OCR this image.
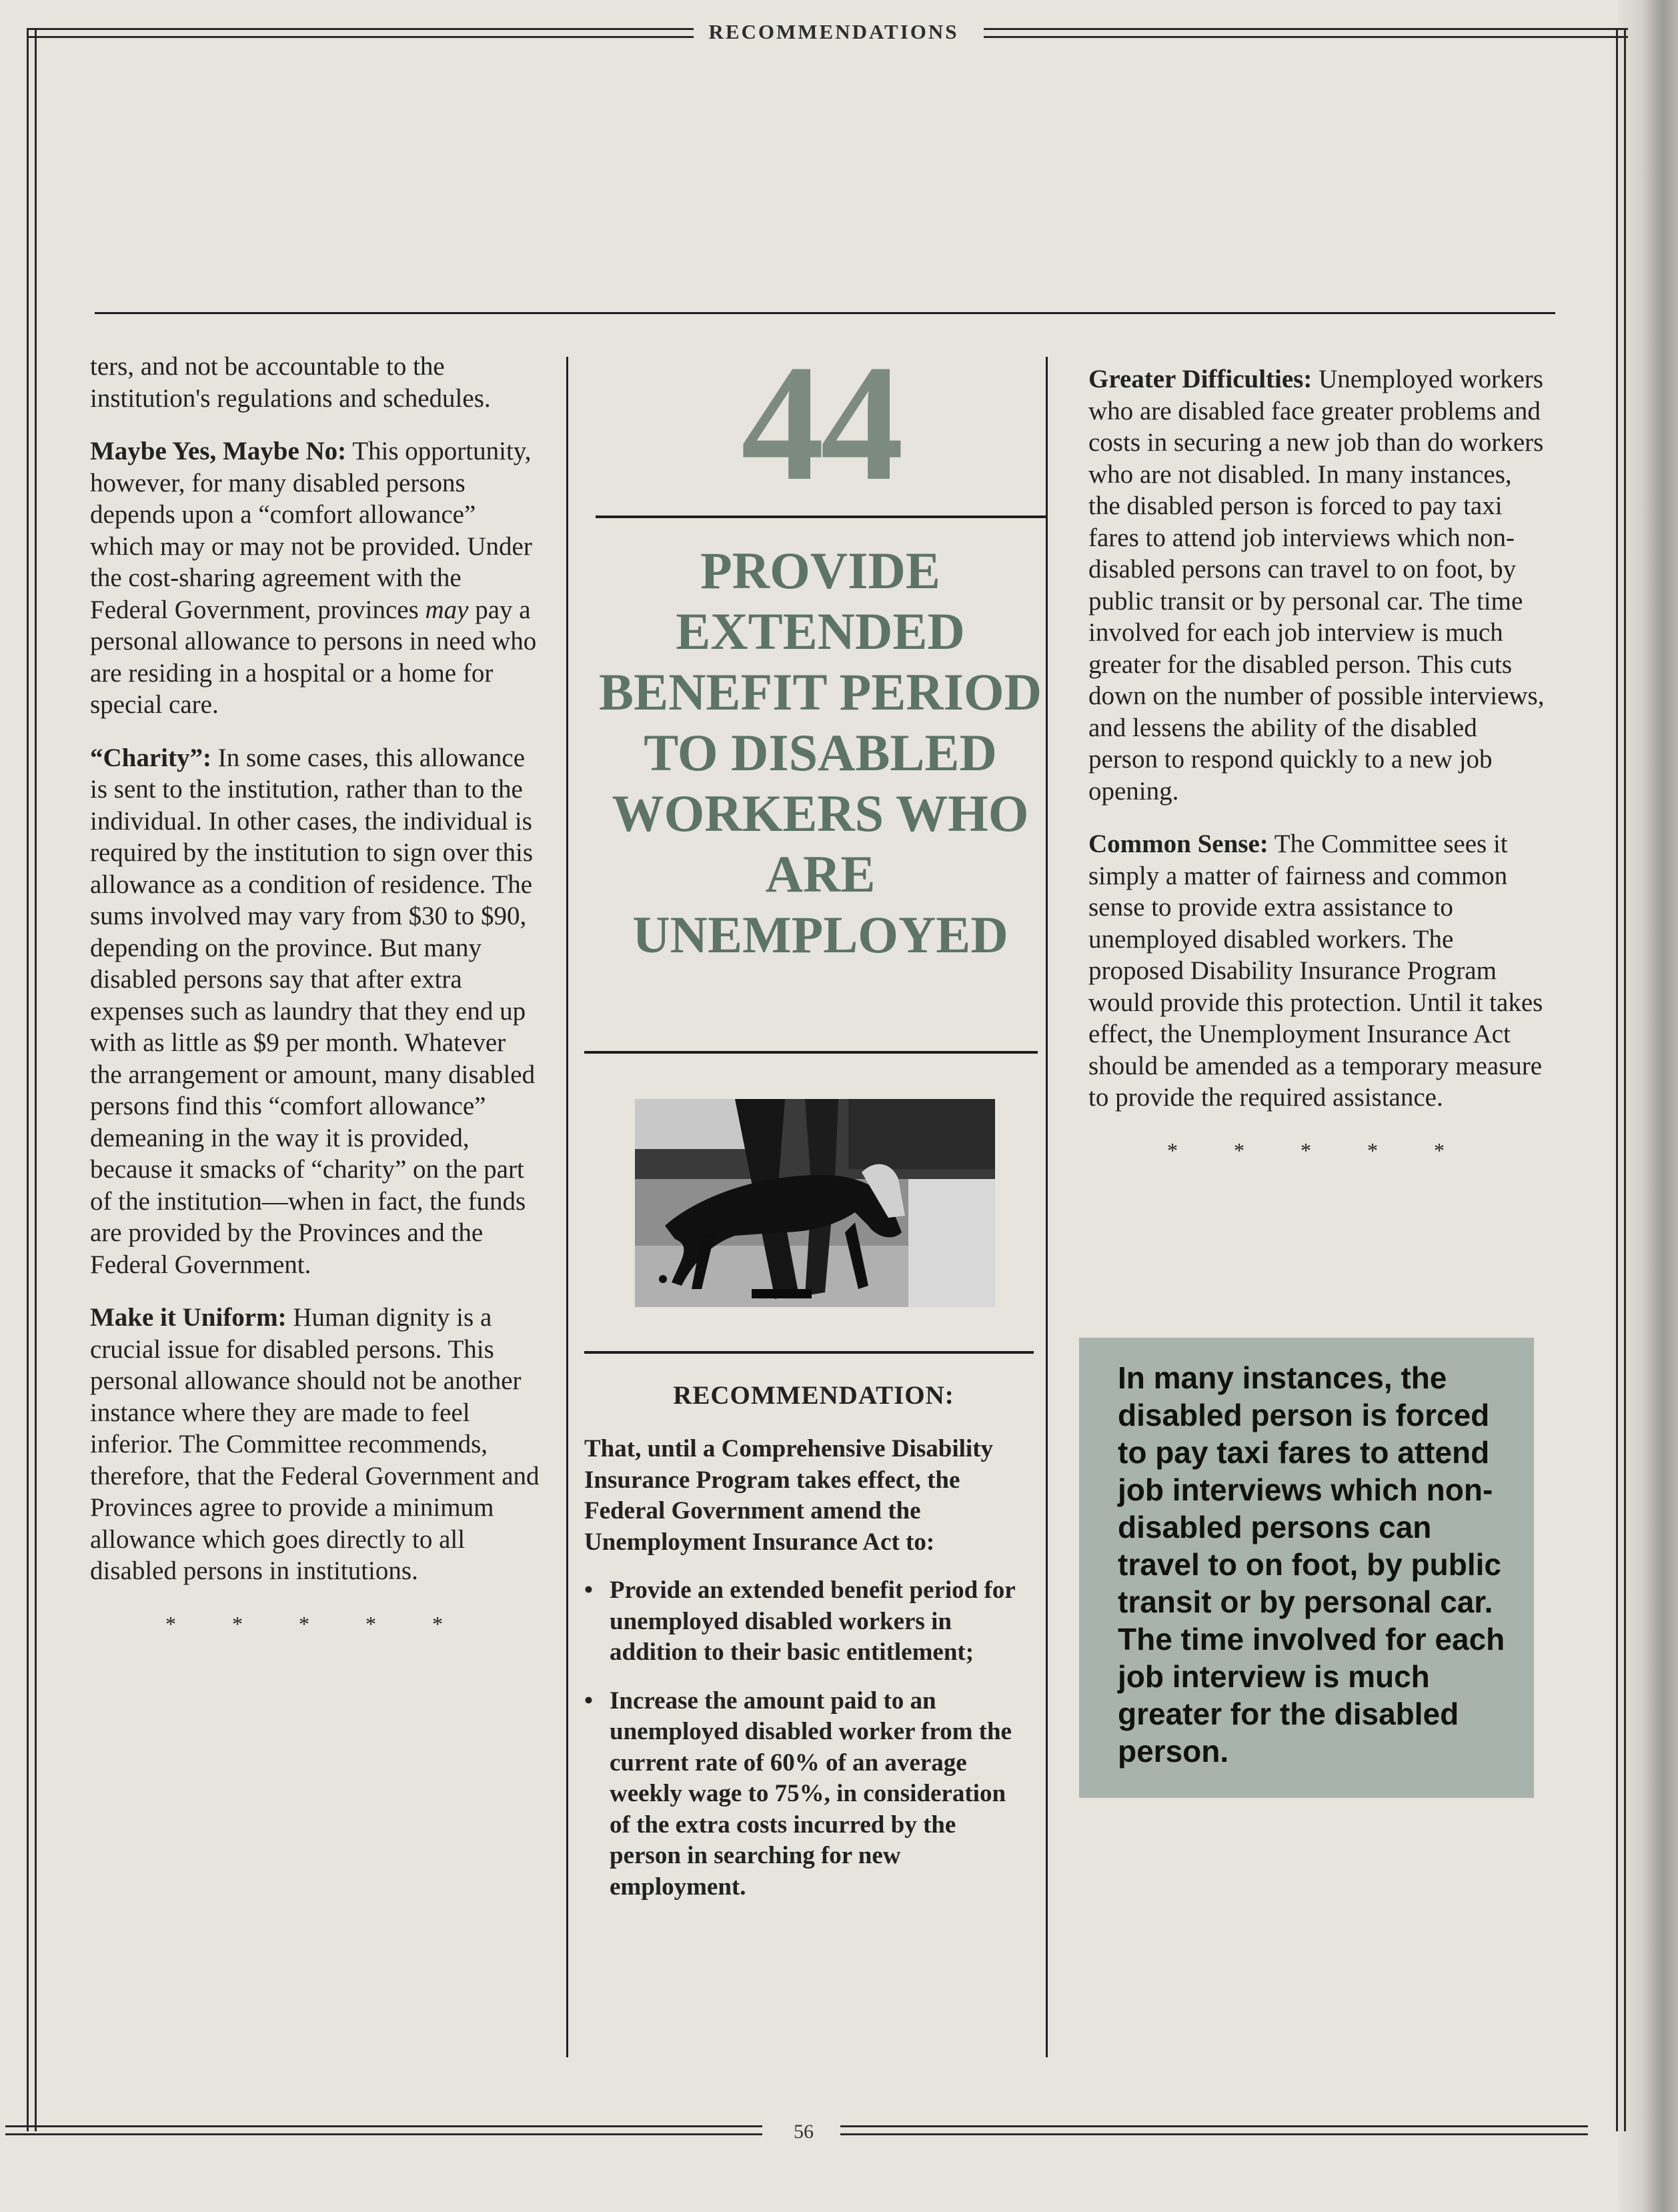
RECOMMENDATIONS
56

ters, and not be accountable to the institution's regulations and schedules.

Maybe Yes, Maybe No: This opportunity, however, for many disabled persons depends upon a “comfort allowance” which may or may not be provided. Under the cost-sharing agreement with the Federal Government, provinces may pay a personal allowance to persons in need who are residing in a hospital or a home for special care.

“Charity”: In some cases, this allowance is sent to the institution, rather than to the individual. In other cases, the individual is required by the institution to sign over this allowance as a condition of residence. The sums involved may vary from $30 to $90, depending on the province. But many disabled persons say that after extra expenses such as laundry that they end up with as little as $9 per month. Whatever the arrangement or amount, many disabled persons find this “comfort allowance” demeaning in the way it is provided, because it smacks of “charity” on the part of the institution—when in fact, the funds are provided by the Provinces and the Federal Government.

Make it Uniform: Human dignity is a crucial issue for disabled persons. This personal allowance should not be another instance where they are made to feel inferior. The Committee recommends, therefore, that the Federal Government and Provinces agree to provide a minimum allowance which goes directly to all disabled persons in institutions.

* * * * *
44
PROVIDE EXTENDED BENEFIT PERIOD TO DISABLED WORKERS WHO ARE UNEMPLOYED
RECOMMENDATION:

That, until a Comprehensive Disability Insurance Program takes effect, the Federal Government amend the Unemployment Insurance Act to:

• Provide an extended benefit period for unemployed disabled workers in addition to their basic entitlement;
• Increase the amount paid to an unemployed disabled worker from the current rate of 60% of an average weekly wage to 75%, in consideration of the extra costs incurred by the person in searching for new employment.

Greater Difficulties: Unemployed workers who are disabled face greater problems and costs in securing a new job than do workers who are not disabled. In many instances, the disabled person is forced to pay taxi fares to attend job interviews which non-disabled persons can travel to on foot, by public transit or by personal car. The time involved for each job interview is much greater for the disabled person. This cuts down on the number of possible interviews, and lessens the ability of the disabled person to respond quickly to a new job opening.

Common Sense: The Committee sees it simply a matter of fairness and common sense to provide extra assistance to unemployed disabled workers. The proposed Disability Insurance Program would provide this protection. Until it takes effect, the Unemployment Insurance Act should be amended as a temporary measure to provide the required assistance.

* * * * *
In many instances, the disabled person is forced to pay taxi fares to attend job interviews which non-disabled persons can travel to on foot, by public transit or by personal car. The time involved for each job interview is much greater for the disabled person.
